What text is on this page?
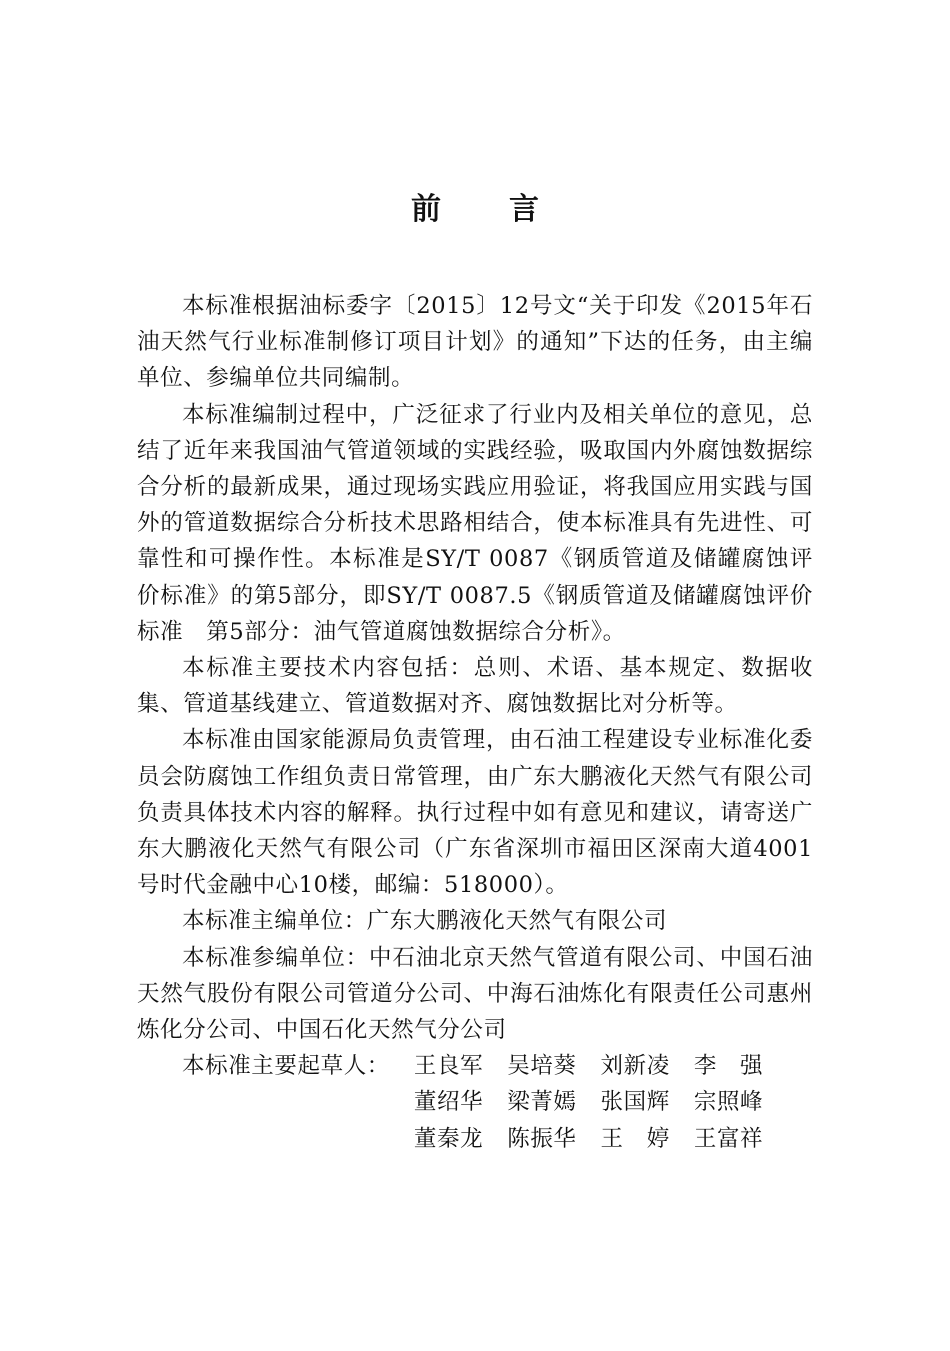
前 言

本标准根据油标委字〔2015〕12号文“关于印发《2015年石油天然气行业标准制修订项目计划》的通知”下达的任务，由主编单位、参编单位共同编制。

本标准编制过程中，广泛征求了行业内及相关单位的意见，总结了近年来我国油气管道领域的实践经验，吸取国内外腐蚀数据综合分析的最新成果，通过现场实践应用验证，将我国应用实践与国外的管道数据综合分析技术思路相结合，使本标准具有先进性、可靠性和可操作性。本标准是SY/T 0087《钢质管道及储罐腐蚀评价标准》的第5部分，即SY/T 0087.5《钢质管道及储罐腐蚀评价标准　第5部分：油气管道腐蚀数据综合分析》。

本标准主要技术内容包括：总则、术语、基本规定、数据收集、管道基线建立、管道数据对齐、腐蚀数据比对分析等。

本标准由国家能源局负责管理，由石油工程建设专业标准化委员会防腐蚀工作组负责日常管理，由广东大鹏液化天然气有限公司负责具体技术内容的解释。执行过程中如有意见和建议，请寄送广东大鹏液化天然气有限公司（广东省深圳市福田区深南大道4001号时代金融中心10楼，邮编：518000）。

本标准主编单位：广东大鹏液化天然气有限公司

本标准参编单位：中石油北京天然气管道有限公司、中国石油天然气股份有限公司管道分公司、中海石油炼化有限责任公司惠州炼化分公司、中国石化天然气分公司

本标准主要起草人： 王良军 吴培葵 刘新凌 李　强
董绍华 梁菁嫣 张国辉 宗照峰
董秦龙 陈振华 王　婷 王富祥
